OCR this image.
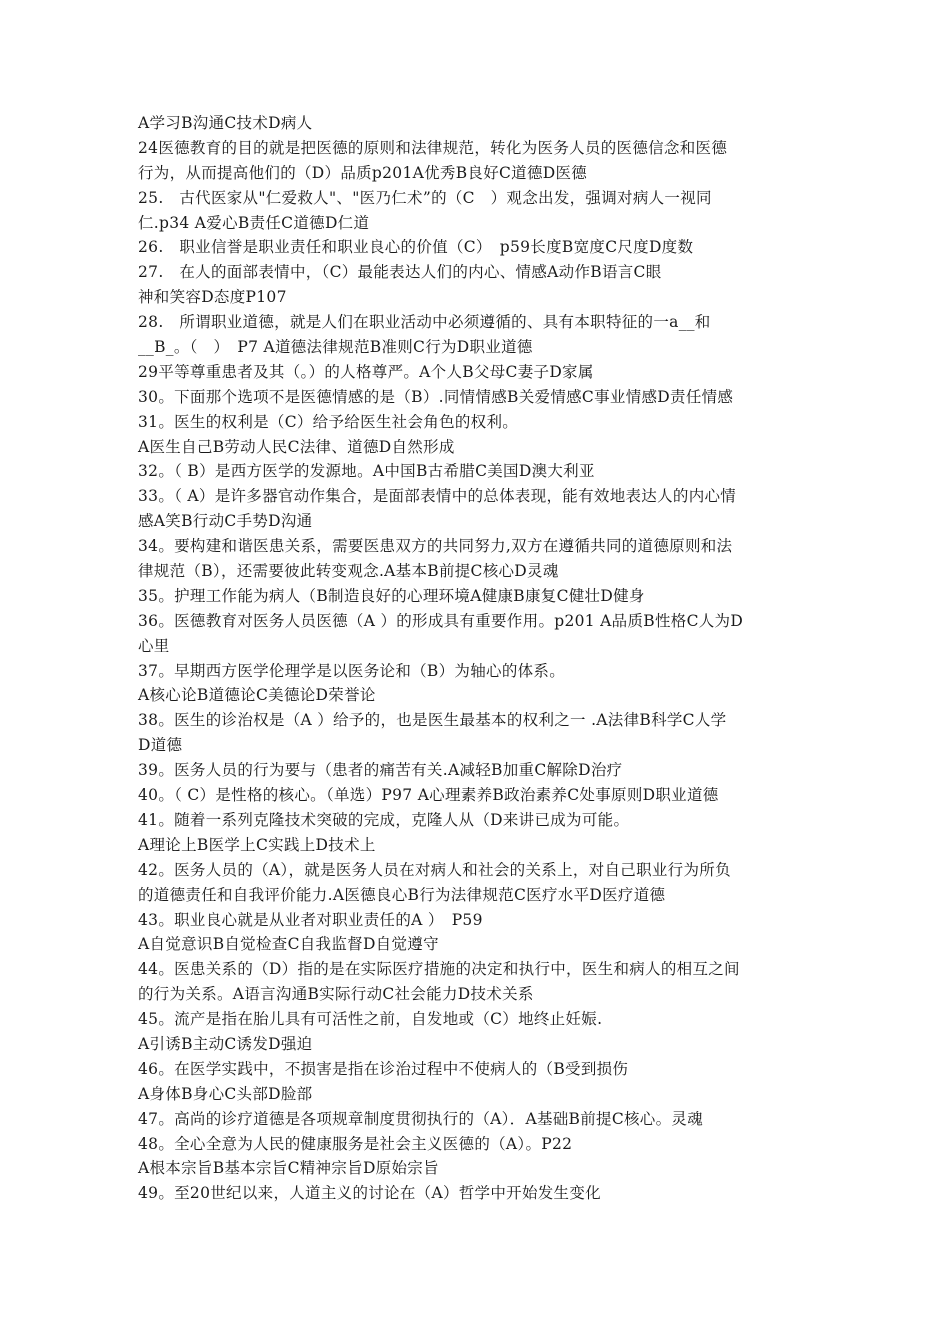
A学习B沟通C技术D病人
24医德教育的目的就是把医德的原则和法律规范，转化为医务人员的医德信念和医德
行为，从而提高他们的（D）品质p201A优秀B良好C道德D医德
25.　古代医家从"仁爱救人"、"医乃仁术”的（C　）观念出发，强调对病人一视同
仁.p34 A爱心B责任C道德D仁道
26.　职业信誉是职业责任和职业良心的价值（C）　p59长度B宽度C尺度D度数
27.　在人的面部表情中，（C）最能表达人们的内心、情感A动作B语言C眼
神和笑容D态度P107
28.　所谓职业道德，就是人们在职业活动中必须遵循的、具有本职特征的一a__和
__B_。（　）　P7 A道德法律规范B准则C行为D职业道德
29平等尊重患者及其（。）的人格尊严。A个人B父母C妻子D家属
30。下面那个选项不是医德情感的是（B）.同情情感B关爱情感C事业情感D责任情感
31。医生的权利是（C）给予给医生社会角色的权利。
A医生自己B劳动人民C法律、道德D自然形成
32。（ B）是西方医学的发源地。A中国B古希腊C美国D澳大利亚
33。（ A）是许多器官动作集合，是面部表情中的总体表现，能有效地表达人的内心情
感A笑B行动C手势D沟通
34。要构建和谐医患关系，需要医患双方的共同努力,双方在遵循共同的道德原则和法
律规范（B），还需要彼此转变观念.A基本B前提C核心D灵魂
35。护理工作能为病人（B制造良好的心理环境A健康B康复C健壮D健身
36。医德教育对医务人员医德（A ）的形成具有重要作用。p201 A品质B性格C人为D
心里
37。早期西方医学伦理学是以医务论和（B）为轴心的体系。
A核心论B道德论C美德论D荣誉论
38。医生的诊治权是（A ）给予的，也是医生最基本的权利之一 .A法律B科学C人学
D道德
39。医务人员的行为要与（患者的痛苦有关.A减轻B加重C解除D治疗
40。（ C）是性格的核心。（单选）P97 A心理素养B政治素养C处事原则D职业道德
41。随着一系列克隆技术突破的完成，克隆人从（D来讲已成为可能。
A理论上B医学上C实践上D技术上
42。医务人员的（A），就是医务人员在对病人和社会的关系上，对自己职业行为所负
的道德责任和自我评价能力.A医德良心B行为法律规范C医疗水平D医疗道德
43。职业良心就是从业者对职业责任的A ）　P59
A自觉意识B自觉检查C自我监督D自觉遵守
44。医患关系的（D）指的是在实际医疗措施的决定和执行中，医生和病人的相互之间
的行为关系。A语言沟通B实际行动C社会能力D技术关系
45。流产是指在胎儿具有可活性之前，自发地或（C）地终止妊娠.
A引诱B主动C诱发D强迫
46。在医学实践中，不损害是指在诊治过程中不使病人的（B受到损伤
A身体B身心C头部D脸部
47。高尚的诊疗道德是各项规章制度贯彻执行的（A）．A基础B前提C核心。灵魂
48。全心全意为人民的健康服务是社会主义医德的（A）。P22
A根本宗旨B基本宗旨C精神宗旨D原始宗旨
49。至20世纪以来，人道主义的讨论在（A）哲学中开始发生变化
